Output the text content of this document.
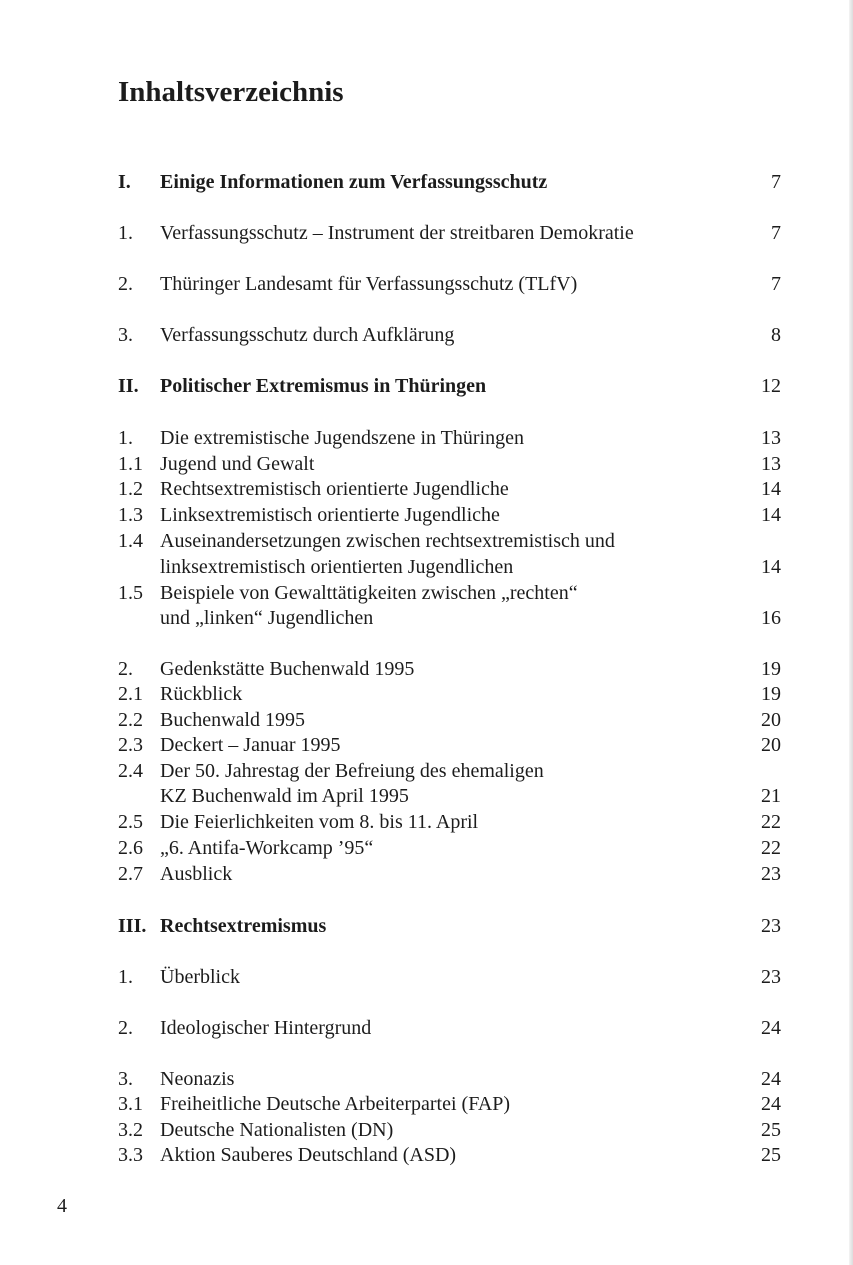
Inhaltsverzeichnis
I. Einige Informationen zum Verfassungsschutz	7
1. Verfassungsschutz – Instrument der streitbaren Demokratie	7
2. Thüringer Landesamt für Verfassungsschutz (TLfV)	7
3. Verfassungsschutz durch Aufklärung	8
II. Politischer Extremismus in Thüringen	12
1. Die extremistische Jugendszene in Thüringen	13
1.1 Jugend und Gewalt	13
1.2 Rechtsextremistisch orientierte Jugendliche	14
1.3 Linksextremistisch orientierte Jugendliche	14
1.4 Auseinandersetzungen zwischen rechtsextremistisch und
linksextremistisch orientierten Jugendlichen	14
1.5 Beispiele von Gewalttätigkeiten zwischen „rechten“
und „linken“ Jugendlichen	16
2. Gedenkstätte Buchenwald 1995	19
2.1 Rückblick	19
2.2 Buchenwald 1995	20
2.3 Deckert – Januar 1995	20
2.4 Der 50. Jahrestag der Befreiung des ehemaligen
KZ Buchenwald im April 1995	21
2.5 Die Feierlichkeiten vom 8. bis 11. April	22
2.6 „6. Antifa-Workcamp ’95“	22
2.7 Ausblick	23
III. Rechtsextremismus	23
1. Überblick	23
2. Ideologischer Hintergrund	24
3. Neonazis	24
3.1 Freiheitliche Deutsche Arbeiterpartei (FAP)	24
3.2 Deutsche Nationalisten (DN)	25
3.3 Aktion Sauberes Deutschland (ASD)	25
4
